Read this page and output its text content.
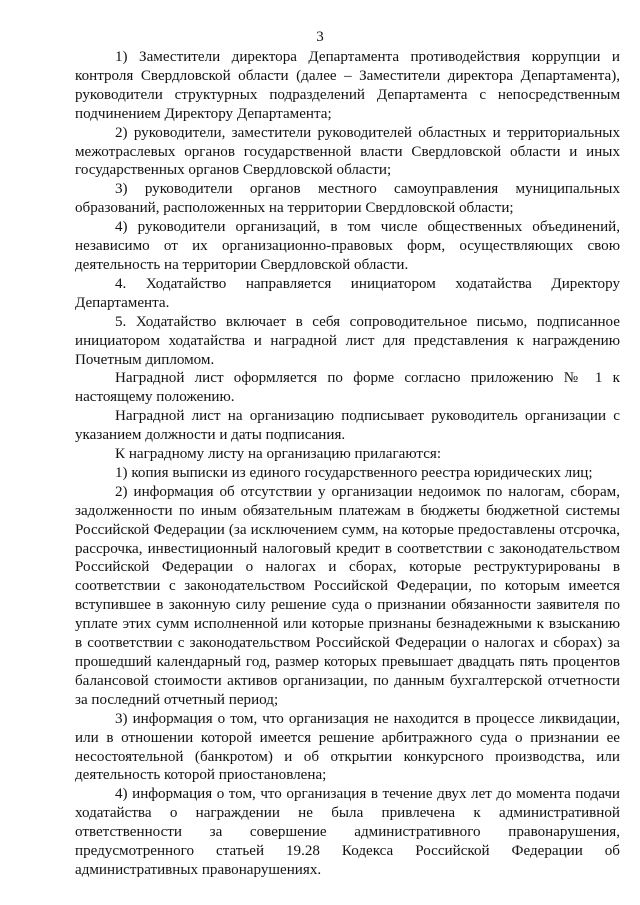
3

1) Заместители директора Департамента противодействия коррупции и контроля Свердловской области (далее – Заместители директора Департамента), руководители структурных подразделений Департамента с непосредственным подчинением Директору Департамента;

2) руководители, заместители руководителей областных и территориальных межотраслевых органов государственной власти Свердловской области и иных государственных органов Свердловской области;

3) руководители органов местного самоуправления муниципальных образований, расположенных на территории Свердловской области;

4) руководители организаций, в том числе общественных объединений, независимо от их организационно-правовых форм, осуществляющих свою деятельность на территории Свердловской области.

4. Ходатайство направляется инициатором ходатайства Директору Департамента.

5. Ходатайство включает в себя сопроводительное письмо, подписанное инициатором ходатайства и наградной лист для представления к награждению Почетным дипломом.

Наградной лист оформляется по форме согласно приложению № 1 к настоящему положению.

Наградной лист на организацию подписывает руководитель организации с указанием должности и даты подписания.

К наградному листу на организацию прилагаются:

1) копия выписки из единого государственного реестра юридических лиц;

2) информация об отсутствии у организации недоимок по налогам, сборам, задолженности по иным обязательным платежам в бюджеты бюджетной системы Российской Федерации (за исключением сумм, на которые предоставлены отсрочка, рассрочка, инвестиционный налоговый кредит в соответствии с законодательством Российской Федерации о налогах и сборах, которые реструктурированы в соответствии с законодательством Российской Федерации, по которым имеется вступившее в законную силу решение суда о признании обязанности заявителя по уплате этих сумм исполненной или которые признаны безнадежными к взысканию в соответствии с законодательством Российской Федерации о налогах и сборах) за прошедший календарный год, размер которых превышает двадцать пять процентов балансовой стоимости активов организации, по данным бухгалтерской отчетности за последний отчетный период;

3) информация о том, что организация не находится в процессе ликвидации, или в отношении которой имеется решение арбитражного суда о признании ее несостоятельной (банкротом) и об открытии конкурсного производства, или деятельность которой приостановлена;

4) информация о том, что организация в течение двух лет до момента подачи ходатайства о награждении не была привлечена к административной ответственности за совершение административного правонарушения, предусмотренного статьей 19.28 Кодекса Российской Федерации об административных правонарушениях.
